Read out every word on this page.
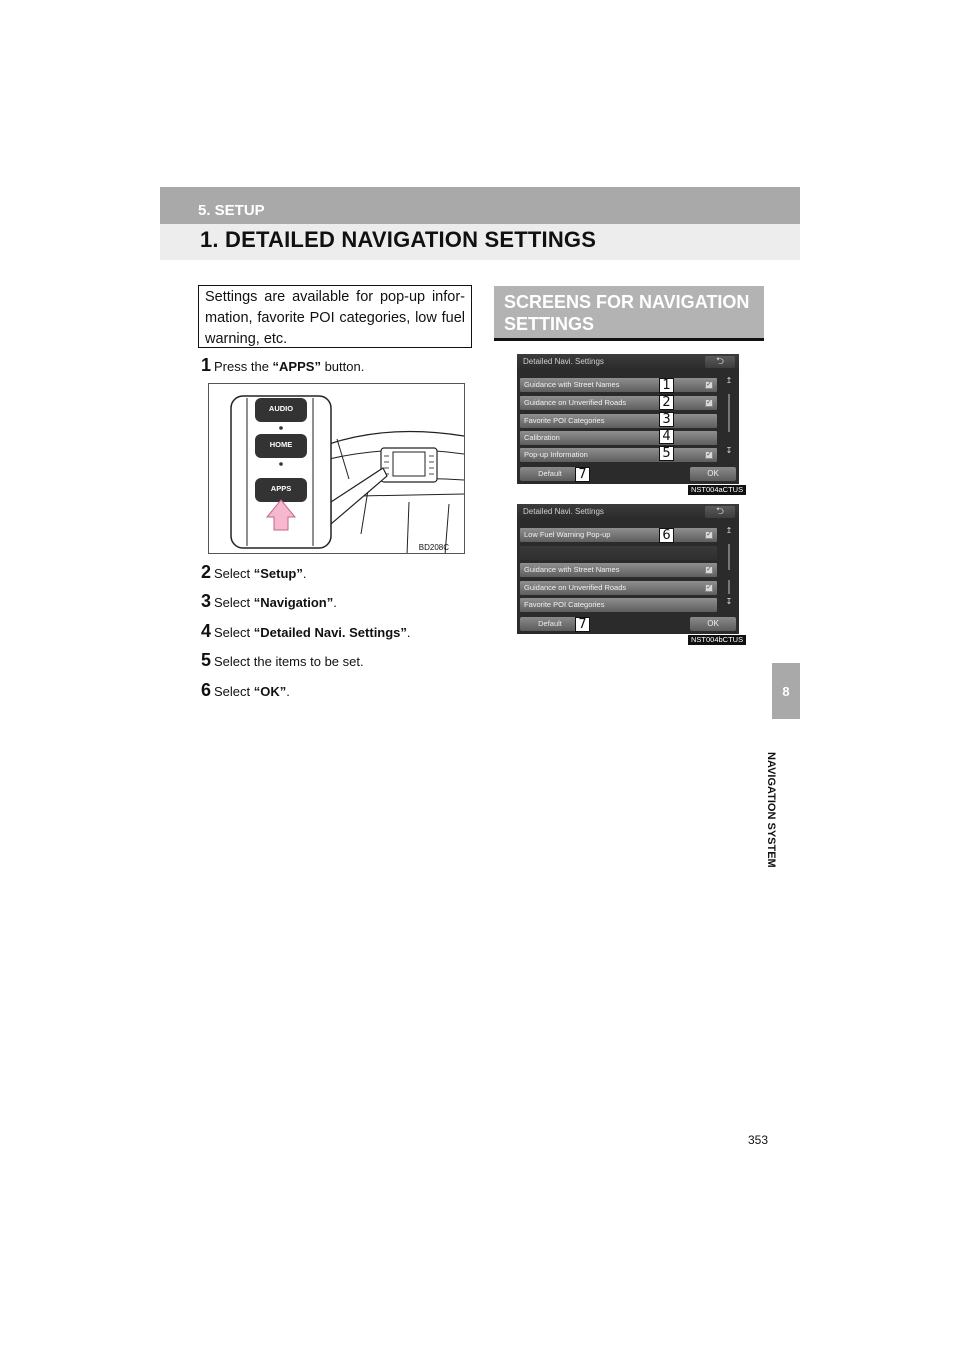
5. SETUP
1. DETAILED NAVIGATION SETTINGS
8
NAVIGATION SYSTEM
Settings are available for pop-up infor-mation, favorite POI categories, low fuel warning, etc.
1 Press the “APPS” button.
AUDIO
HOME
APPS
BD208C
2 Select “Setup”.
3 Select “Navigation”.
4 Select “Detailed Navi. Settings”.
5 Select the items to be set.
6 Select “OK”.
SCREENS FOR NAVIGATION SETTINGS
Detailed Navi. Settings	⮌
Guidance with Street Names	✓
Guidance on Unverified Roads	✓
Favorite POI Categories
Calibration
Pop-up Information	✓
↥
↧
Default	OK
1
2
3
4
5
7
NST004aCTUS
Detailed Navi. Settings	⮌
Low Fuel Warning Pop-up	✓
Guidance with Street Names	✓
Guidance on Unverified Roads	✓
Favorite POI Categories
↥
↧
Default	OK
6
7
NST004bCTUS
353
